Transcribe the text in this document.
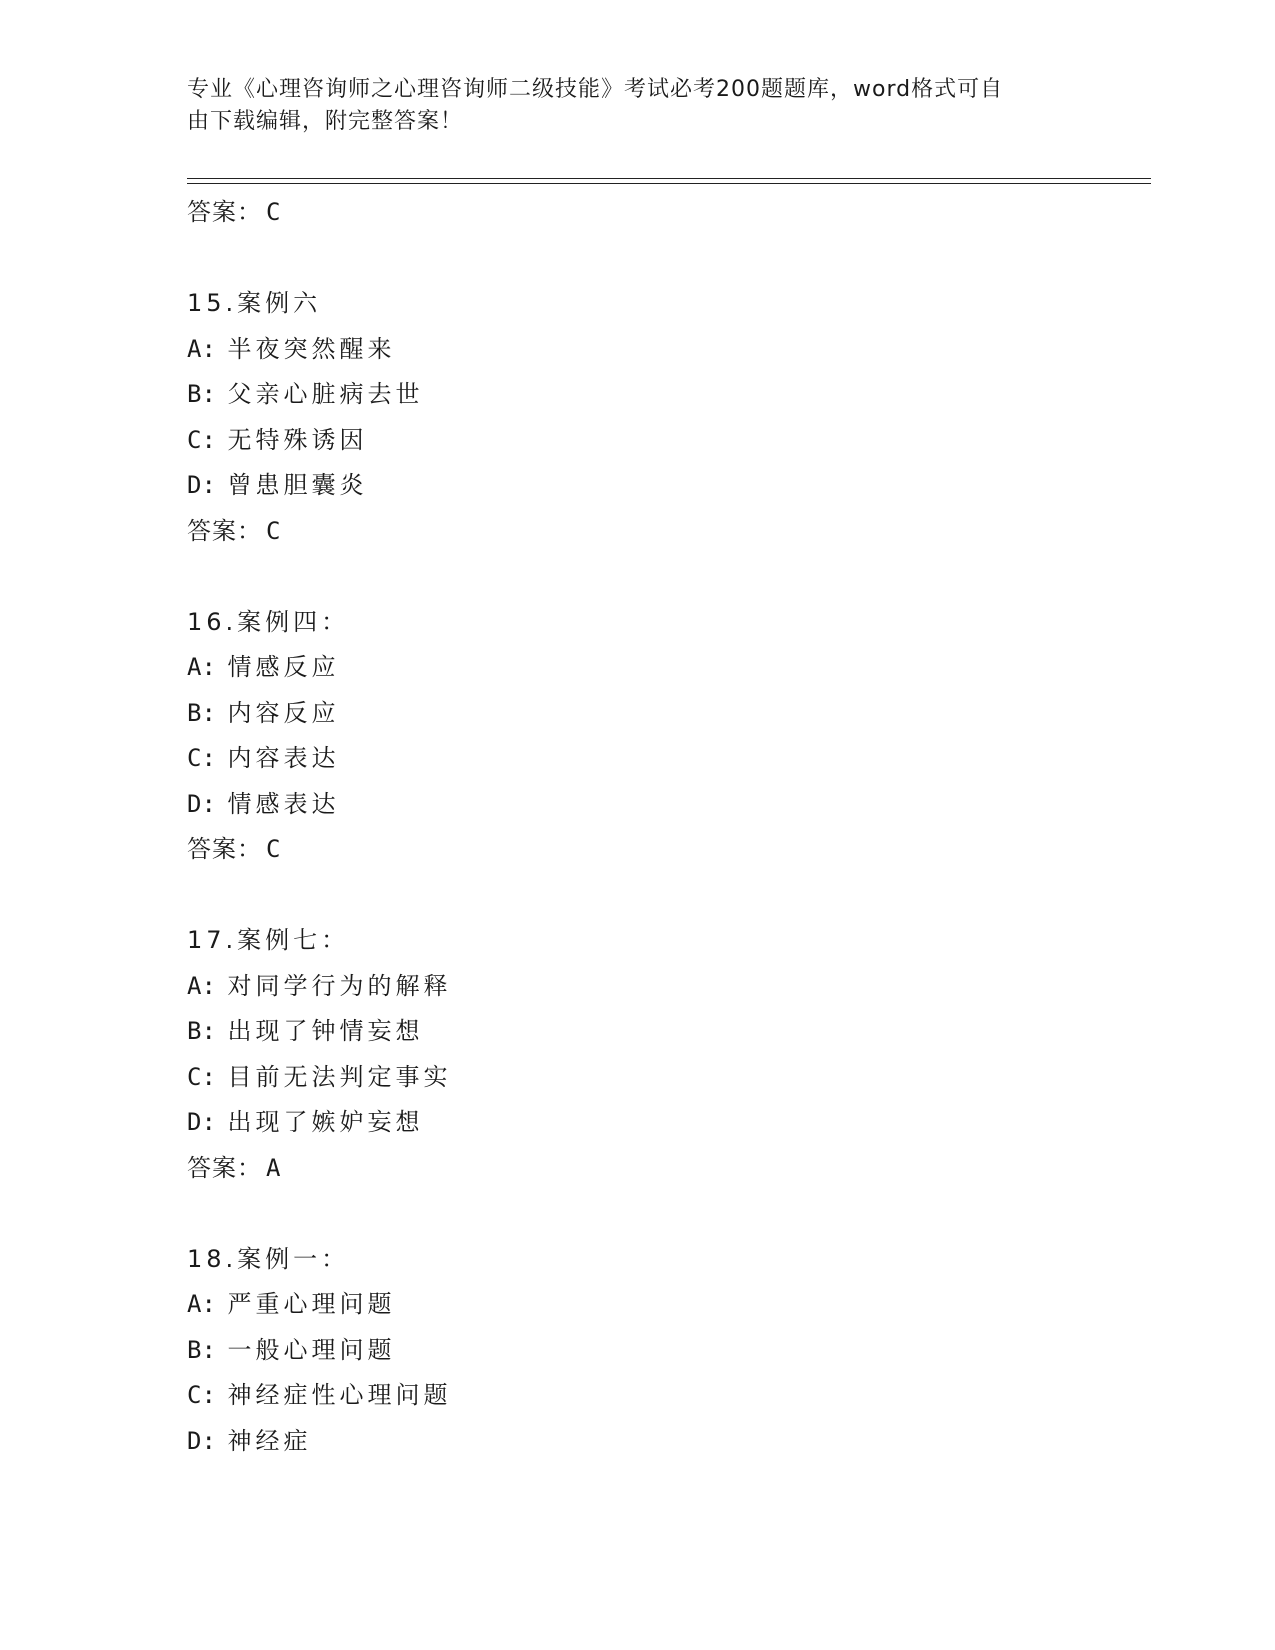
专业《心理咨询师之心理咨询师二级技能》考试必考200题题库，word格式可自
由下载编辑，附完整答案！
答案： C
15.案例六
A: 半夜突然醒来
B: 父亲心脏病去世
C: 无特殊诱因
D: 曾患胆囊炎
答案： C
16.案例四：
A: 情感反应
B: 内容反应
C: 内容表达
D: 情感表达
答案： C
17.案例七：
A: 对同学行为的解释
B: 出现了钟情妄想
C: 目前无法判定事实
D: 出现了嫉妒妄想
答案： A
18.案例一：
A: 严重心理问题
B: 一般心理问题
C: 神经症性心理问题
D: 神经症
